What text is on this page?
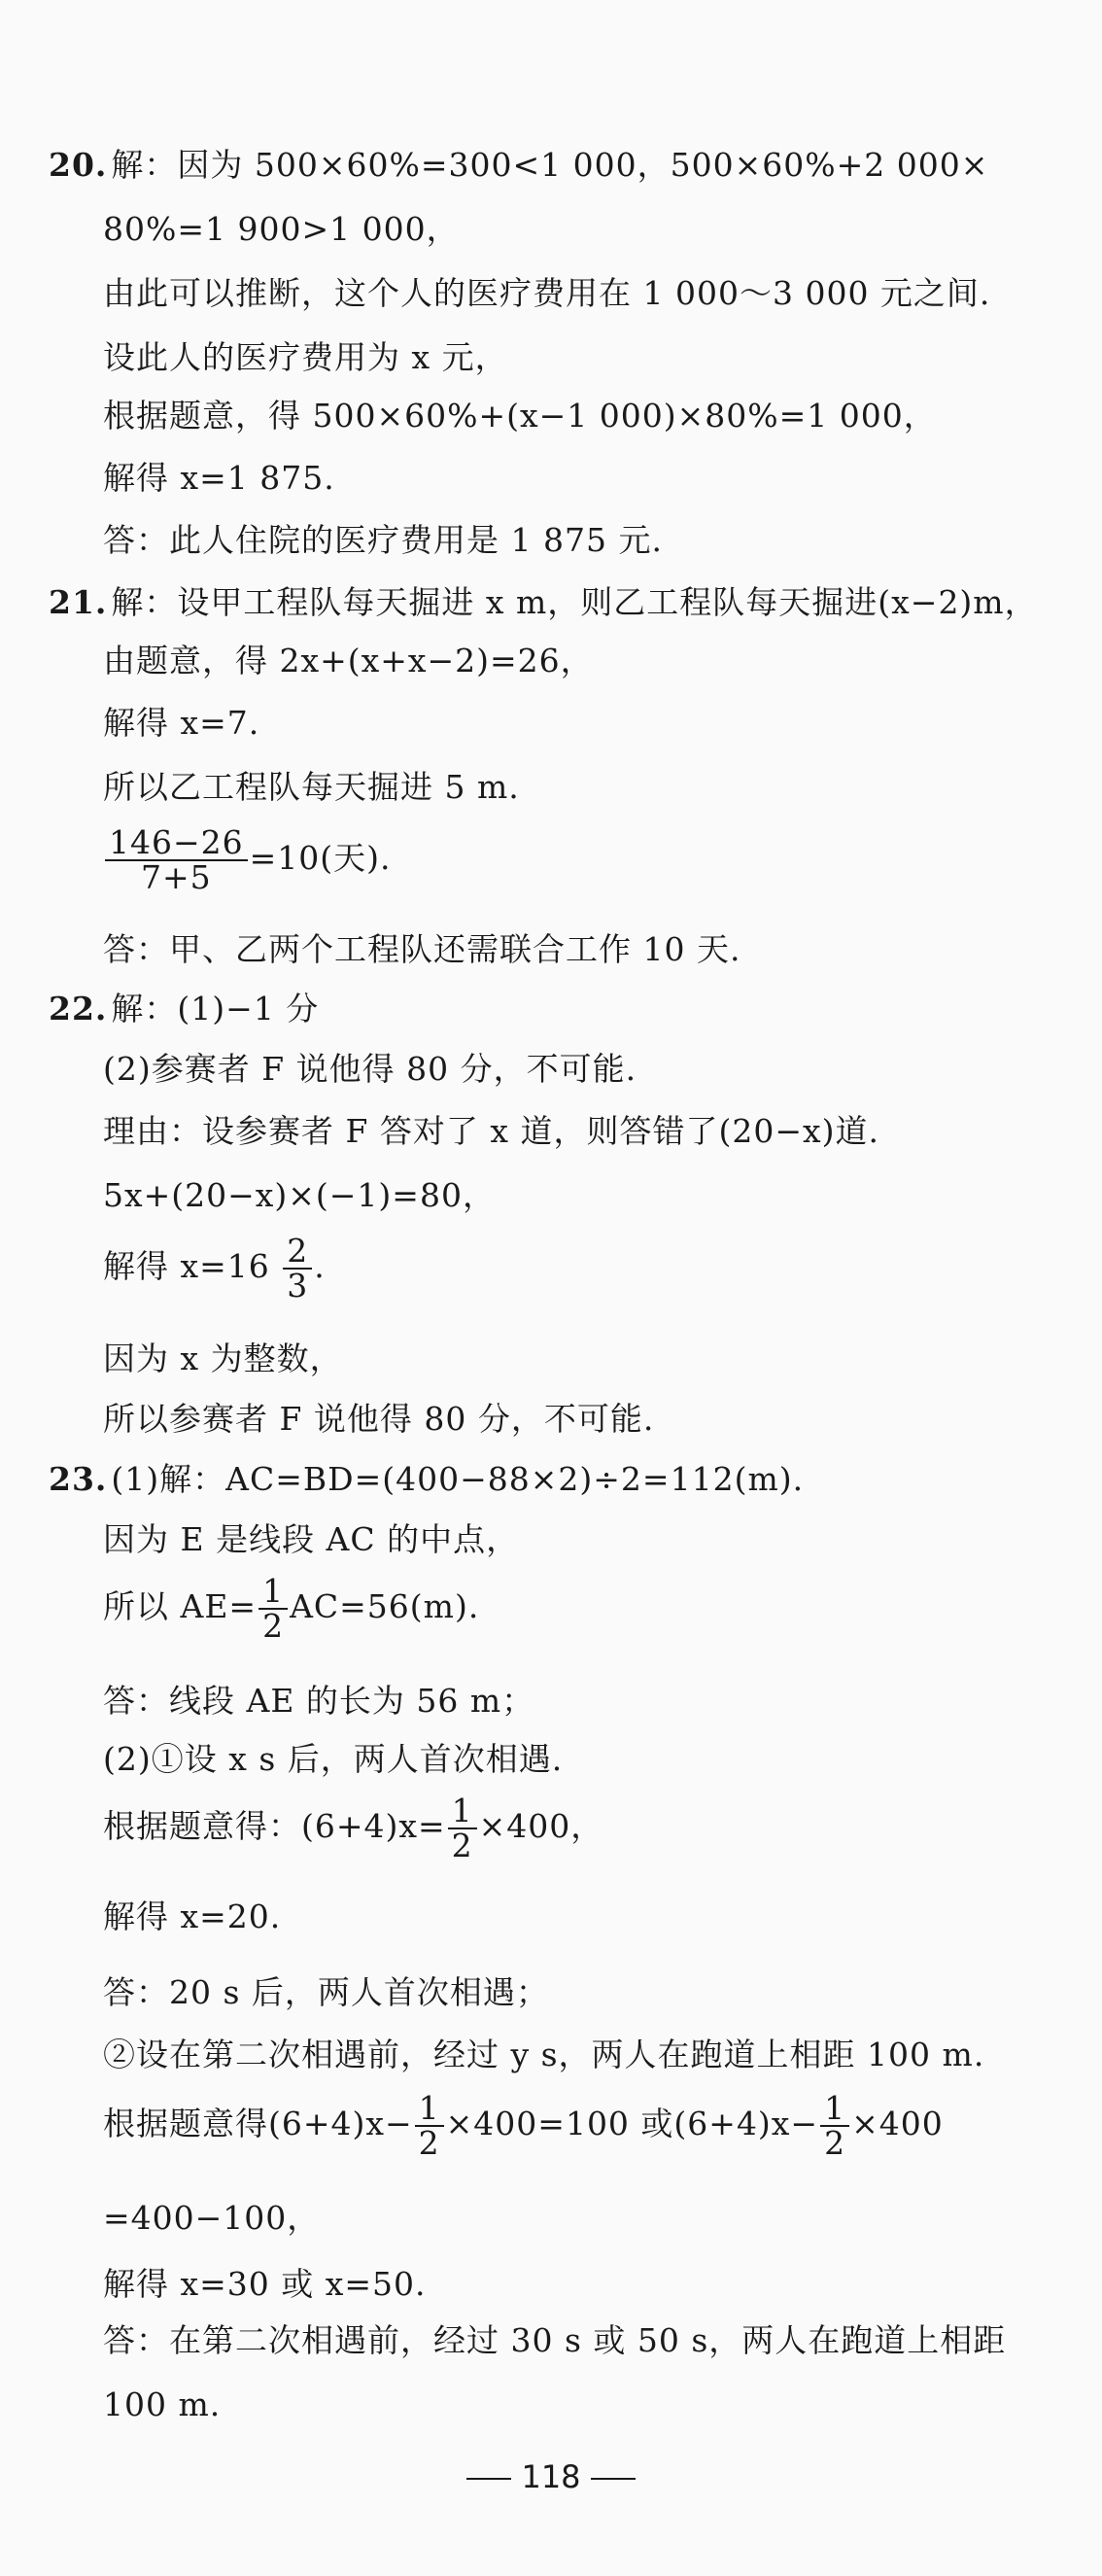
20. 解：因为 500×60%=300<1 000，500×60%+2 000×
80%=1 900>1 000，
由此可以推断，这个人的医疗费用在 1 000～3 000 元之间.
设此人的医疗费用为 x 元，
根据题意，得 500×60%+(x−1 000)×80%=1 000，
解得 x=1 875.
答：此人住院的医疗费用是 1 875 元.
21. 解：设甲工程队每天掘进 x m，则乙工程队每天掘进(x−2)m，
由题意，得 2x+(x+x−2)=26，
解得 x=7.
所以乙工程队每天掘进 5 m.
$\frac{146-26}{7+5} =10$(天).
答：甲、乙两个工程队还需联合工作 10 天.
22. 解：(1)−1 分
(2)参赛者 F 说他得 80 分，不可能.
理由：设参赛者 F 答对了 x 道，则答错了(20−x)道.
5x+(20−x)×(−1)=80，
解得 $x=16 \frac{2}{3}$ .
因为 x 为整数，
所以参赛者 F 说他得 80 分，不可能.
23. (1)解：AC=BD=(400−88×2)÷2=112(m).
因为 E 是线段 AC 的中点，
所以 $AE= \frac{1}{2} AC=56(m)$.
答：线段 AE 的长为 56 m；
(2)①设 x s 后，两人首次相遇.
根据题意得：$(6+4)x= \frac{1}{2} \times 400$，
解得 x=20.
答：20 s 后，两人首次相遇；
②设在第二次相遇前，经过 y s，两人在跑道上相距 100 m.
根据题意得$(6+4)x- \frac{1}{2} \times 400=100$ 或$(6+4)x- \frac{1}{2} \times 400$
=400−100，
解得 x=30 或 x=50.
答：在第二次相遇前，经过 30 s 或 50 s，两人在跑道上相距
100 m.
118
